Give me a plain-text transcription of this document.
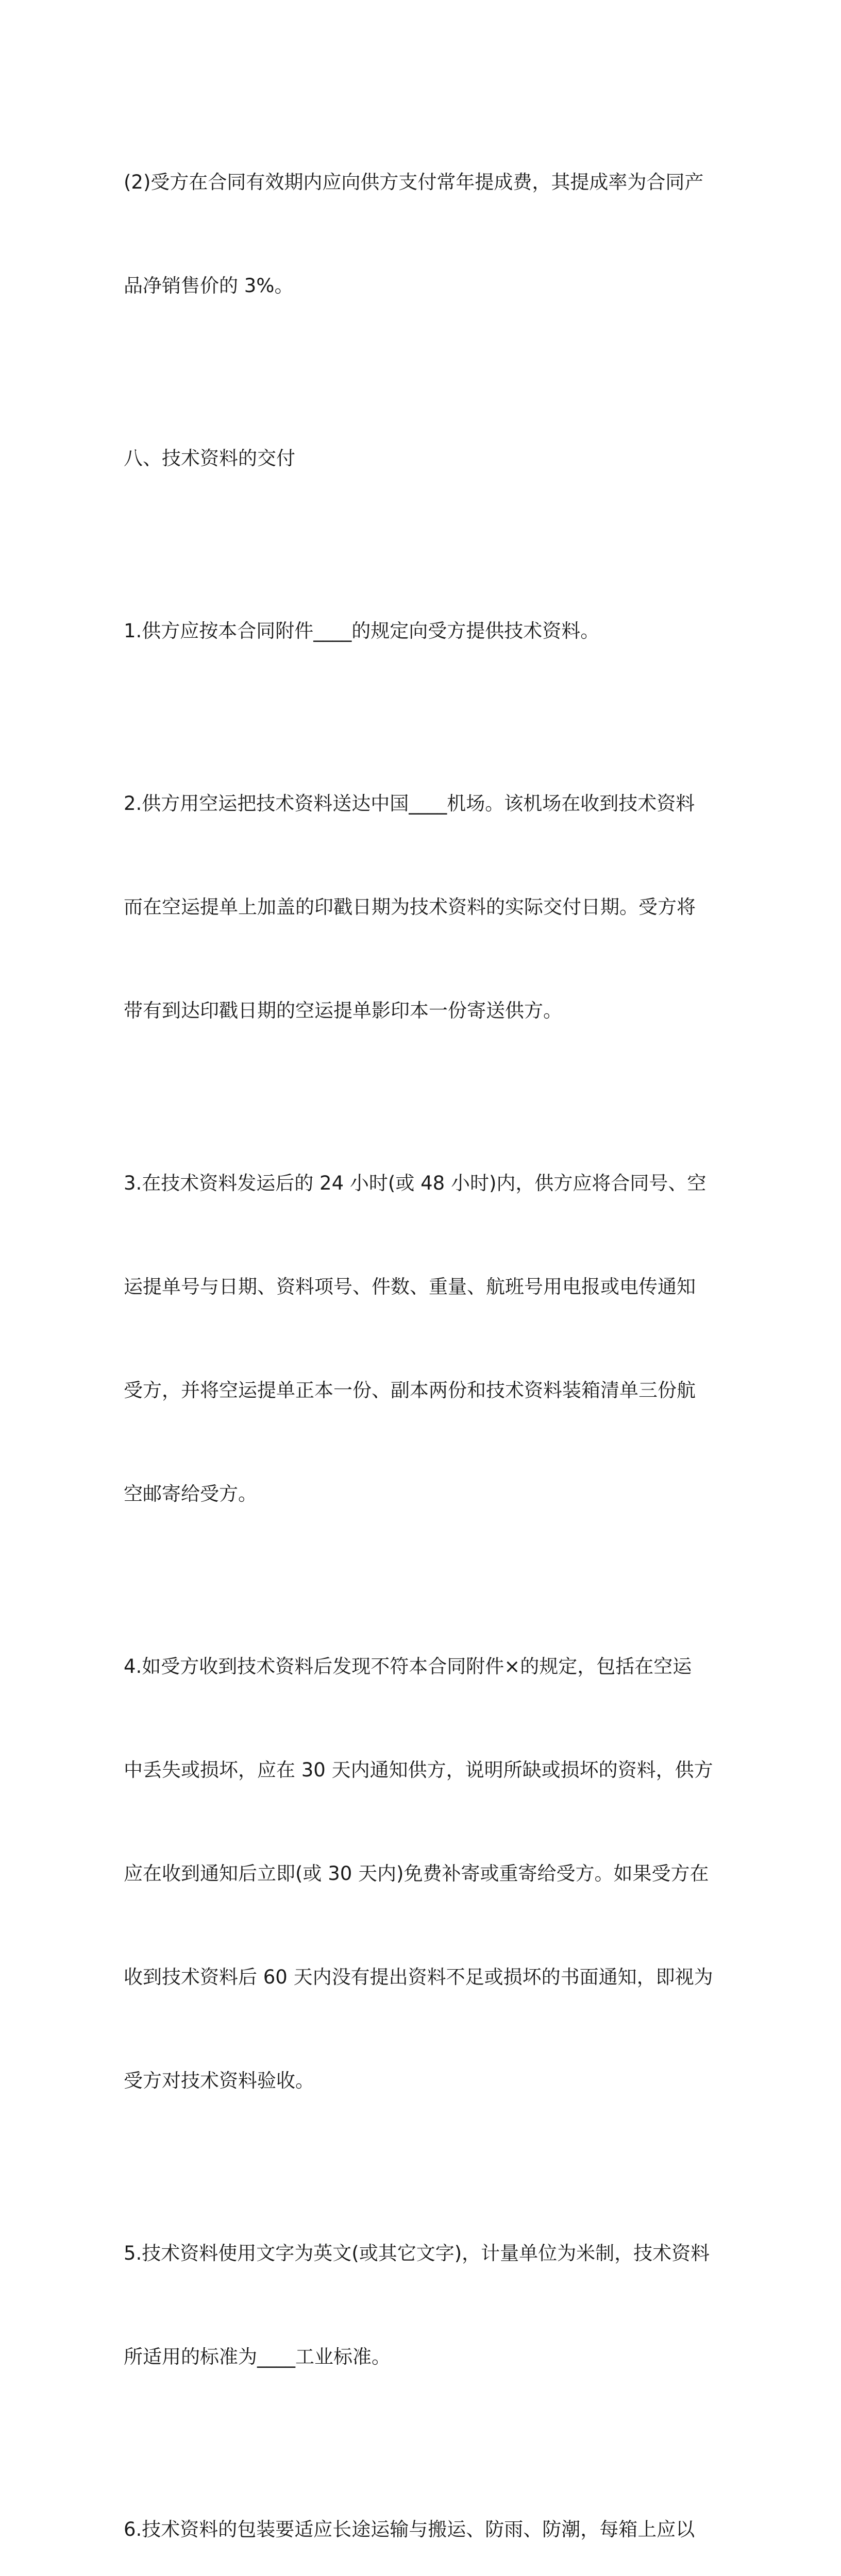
(2)受方在合同有效期内应向供方支付常年提成费，其提成率为合同产

品净销售价的 3%。

八、技术资料的交付

1.供方应按本合同附件____的规定向受方提供技术资料。

2.供方用空运把技术资料送达中国____机场。该机场在收到技术资料

而在空运提单上加盖的印戳日期为技术资料的实际交付日期。受方将

带有到达印戳日期的空运提单影印本一份寄送供方。

3.在技术资料发运后的 24 小时(或 48 小时)内，供方应将合同号、空

运提单号与日期、资料项号、件数、重量、航班号用电报或电传通知

受方，并将空运提单正本一份、副本两份和技术资料装箱清单三份航

空邮寄给受方。

4.如受方收到技术资料后发现不符本合同附件×的规定，包括在空运

中丢失或损坏，应在 30 天内通知供方，说明所缺或损坏的资料，供方

应在收到通知后立即(或 30 天内)免费补寄或重寄给受方。如果受方在

收到技术资料后 60 天内没有提出资料不足或损坏的书面通知，即视为

受方对技术资料验收。

5.技术资料使用文字为英文(或其它文字)，计量单位为米制，技术资料

所适用的标准为____工业标准。

6.技术资料的包装要适应长途运输与搬运、防雨、防潮，每箱上应以
